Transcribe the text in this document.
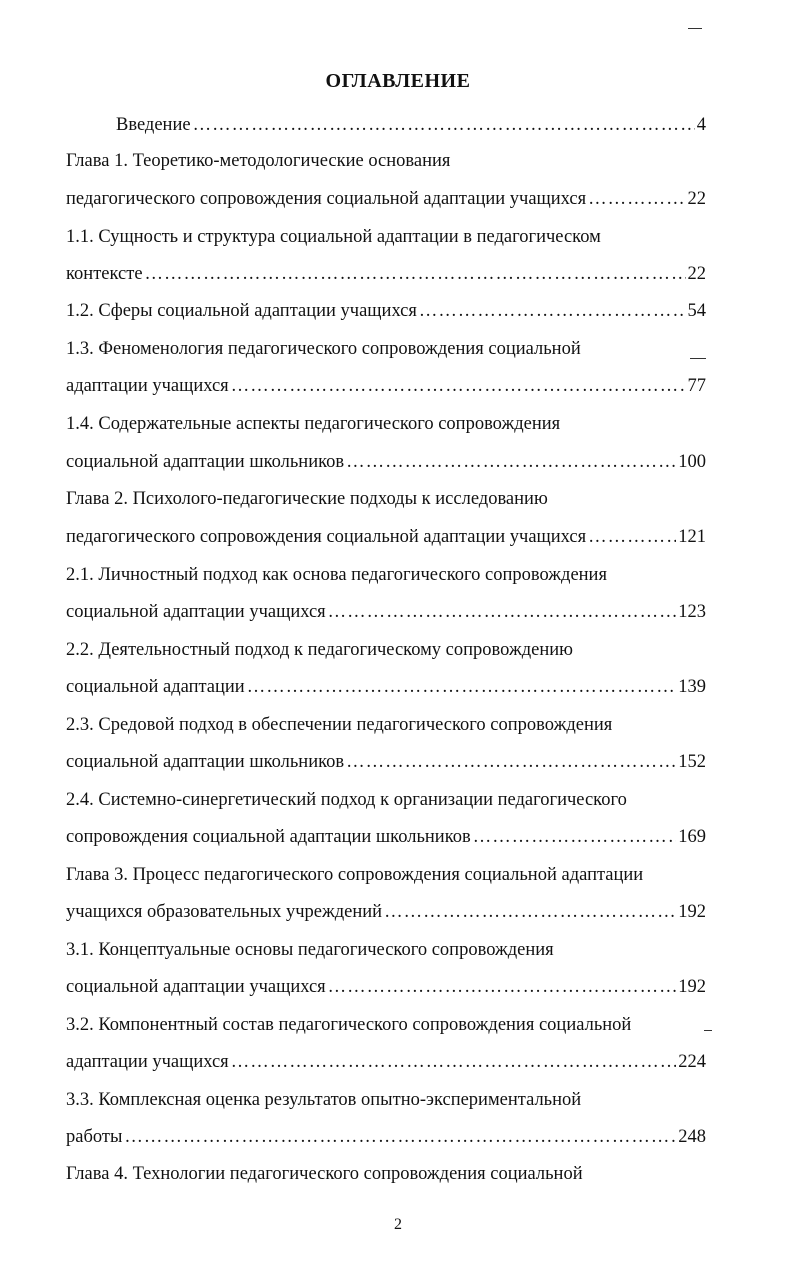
ОГЛАВЛЕНИЕ
Введение ……………………………………………………………………………………………………………………………………………………………………	4
Глава 1. Теоретико-методологические основания
педагогического сопровождения социальной адаптации учащихся ……………………………………………………………………………………………………………………………………………………………………	22
1.1. Сущность и структура социальной адаптации в педагогическом
контексте ……………………………………………………………………………………………………………………………………………………………………	22
1.2. Сферы социальной адаптации учащихся ……………………………………………………………………………………………………………………………………………………………………	54
1.3. Феноменология педагогического сопровождения социальной
адаптации учащихся ……………………………………………………………………………………………………………………………………………………………………	77
1.4. Содержательные аспекты педагогического сопровождения
социальной адаптации школьников ……………………………………………………………………………………………………………………………………………………………………	100
Глава 2. Психолого-педагогические подходы к исследованию
педагогического сопровождения социальной адаптации учащихся ……………………………………………………………………………………………………………………………………………………………………	121
2.1. Личностный подход как основа педагогического сопровождения
социальной адаптации учащихся ……………………………………………………………………………………………………………………………………………………………………	123
2.2. Деятельностный подход к педагогическому сопровождению
социальной адаптации ……………………………………………………………………………………………………………………………………………………………………	139
2.3. Средовой подход в обеспечении педагогического сопровождения
социальной адаптации школьников ……………………………………………………………………………………………………………………………………………………………………	152
2.4. Системно-синергетический подход к организации педагогического
сопровождения социальной адаптации школьников ……………………………………………………………………………………………………………………………………………………………………	169
Глава 3. Процесс педагогического сопровождения социальной адаптации
учащихся образовательных учреждений ……………………………………………………………………………………………………………………………………………………………………	192
3.1. Концептуальные основы педагогического сопровождения
социальной адаптации учащихся ……………………………………………………………………………………………………………………………………………………………………	192
3.2. Компонентный состав педагогического сопровождения социальной
адаптации учащихся ……………………………………………………………………………………………………………………………………………………………………	224
3.3. Комплексная оценка результатов опытно-экспериментальной
работы ……………………………………………………………………………………………………………………………………………………………………	248
Глава 4. Технологии педагогического сопровождения социальной
2
